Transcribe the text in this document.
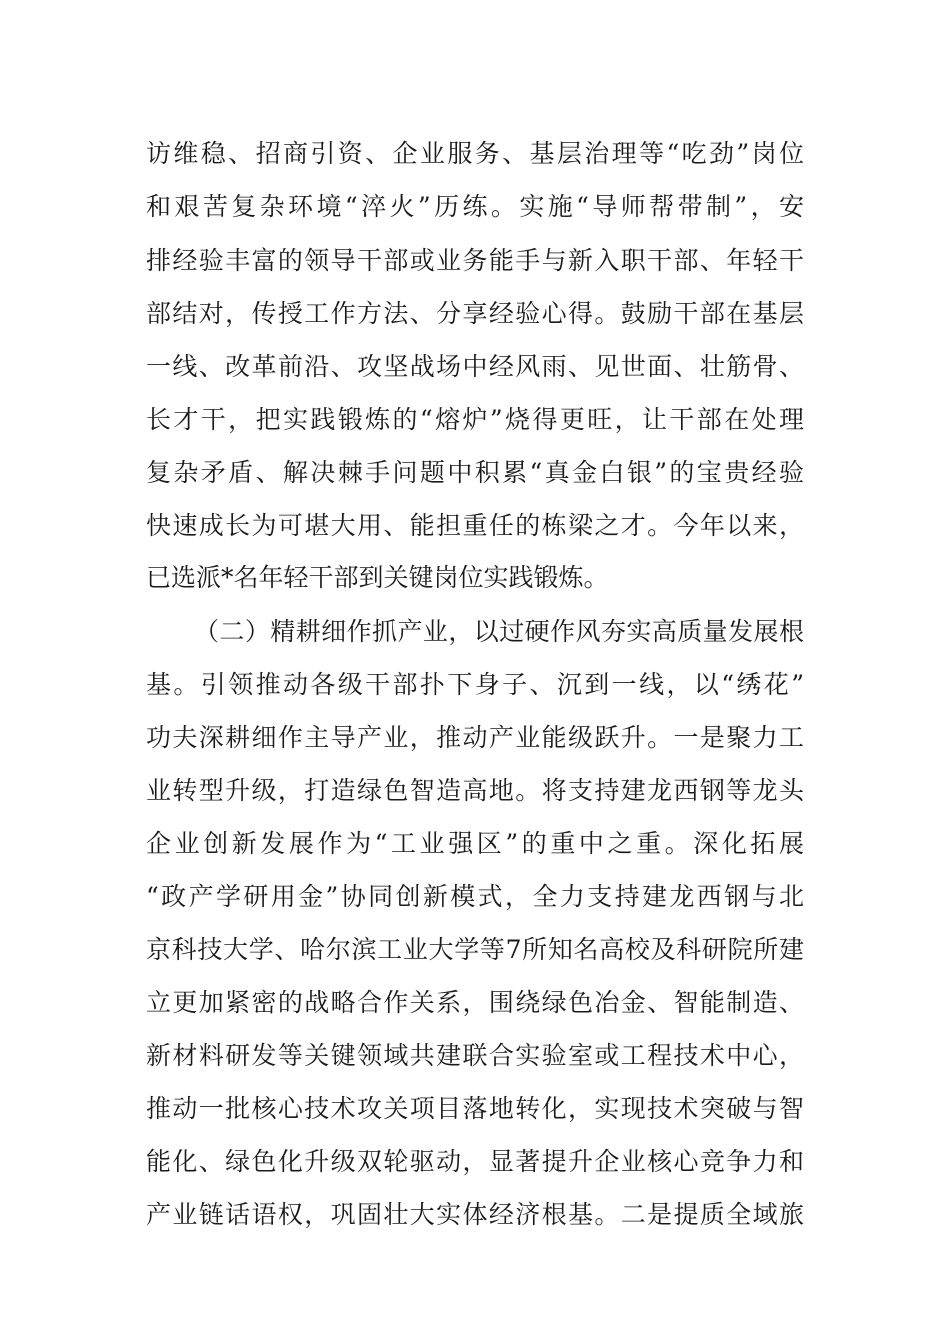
访维稳、招商引资、企业服务、基层治理等“吃劲”岗位
和艰苦复杂环境“淬火”历练。实施“导师帮带制”，安
排经验丰富的领导干部或业务能手与新入职干部、年轻干
部结对，传授工作方法、分享经验心得。鼓励干部在基层
一线、改革前沿、攻坚战场中经风雨、见世面、壮筋骨、
长才干，把实践锻炼的“熔炉”烧得更旺，让干部在处理
复杂矛盾、解决棘手问题中积累“真金白银”的宝贵经验
快速成长为可堪大用、能担重任的栋梁之才。今年以来，
已选派*名年轻干部到关键岗位实践锻炼。
（二）精耕细作抓产业，以过硬作风夯实高质量发展根
基。引领推动各级干部扑下身子、沉到一线，以“绣花”
功夫深耕细作主导产业，推动产业能级跃升。一是聚力工
业转型升级，打造绿色智造高地。将支持建龙西钢等龙头
企业创新发展作为“工业强区”的重中之重。深化拓展
“政产学研用金”协同创新模式，全力支持建龙西钢与北
京科技大学、哈尔滨工业大学等7所知名高校及科研院所建
立更加紧密的战略合作关系，围绕绿色冶金、智能制造、
新材料研发等关键领域共建联合实验室或工程技术中心，
推动一批核心技术攻关项目落地转化，实现技术突破与智
能化、绿色化升级双轮驱动，显著提升企业核心竞争力和
产业链话语权，巩固壮大实体经济根基。二是提质全域旅
